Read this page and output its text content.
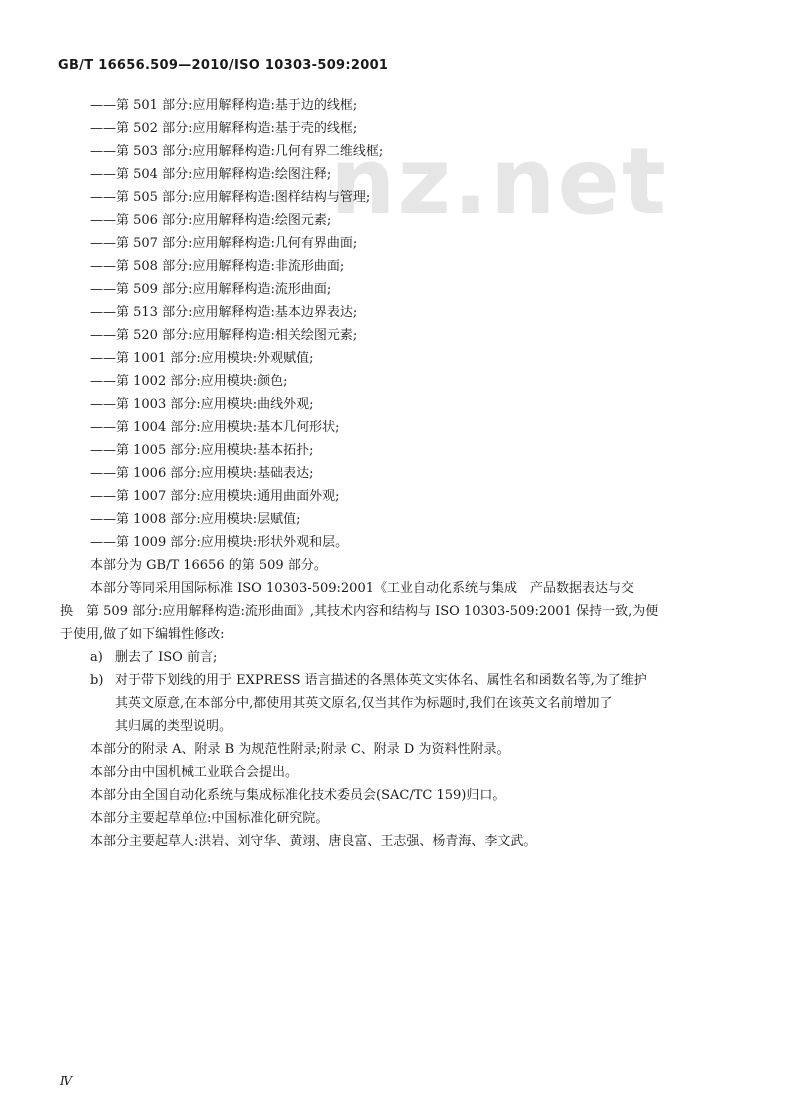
GB/T 16656.509—2010/ISO 10303-509:2001
nz.net
——第 501 部分:应用解释构造:基于边的线框;
——第 502 部分:应用解释构造:基于壳的线框;
——第 503 部分:应用解释构造:几何有界二维线框;
——第 504 部分:应用解释构造:绘图注释;
——第 505 部分:应用解释构造:图样结构与管理;
——第 506 部分:应用解释构造:绘图元素;
——第 507 部分:应用解释构造:几何有界曲面;
——第 508 部分:应用解释构造:非流形曲面;
——第 509 部分:应用解释构造:流形曲面;
——第 513 部分:应用解释构造:基本边界表达;
——第 520 部分:应用解释构造:相关绘图元素;
——第 1001 部分:应用模块:外观赋值;
——第 1002 部分:应用模块:颜色;
——第 1003 部分:应用模块:曲线外观;
——第 1004 部分:应用模块:基本几何形状;
——第 1005 部分:应用模块:基本拓扑;
——第 1006 部分:应用模块:基础表达;
——第 1007 部分:应用模块:通用曲面外观;
——第 1008 部分:应用模块:层赋值;
——第 1009 部分:应用模块:形状外观和层。
本部分为 GB/T 16656 的第 509 部分。
本部分等同采用国际标准 ISO 10303-509:2001《工业自动化系统与集成　产品数据表达与交
换　第 509 部分:应用解释构造:流形曲面》,其技术内容和结构与 ISO 10303-509:2001 保持一致,为便
于使用,做了如下编辑性修改:
a) 删去了 ISO 前言;
b) 对于带下划线的用于 EXPRESS 语言描述的各黑体英文实体名、属性名和函数名等,为了维护
其英文原意,在本部分中,都使用其英文原名,仅当其作为标题时,我们在该英文名前增加了
其归属的类型说明。
本部分的附录 A、附录 B 为规范性附录;附录 C、附录 D 为资料性附录。
本部分由中国机械工业联合会提出。
本部分由全国自动化系统与集成标准化技术委员会(SAC/TC 159)归口。
本部分主要起草单位:中国标准化研究院。
本部分主要起草人:洪岩、刘守华、黄翊、唐良富、王志强、杨青海、李文武。
Ⅳ
